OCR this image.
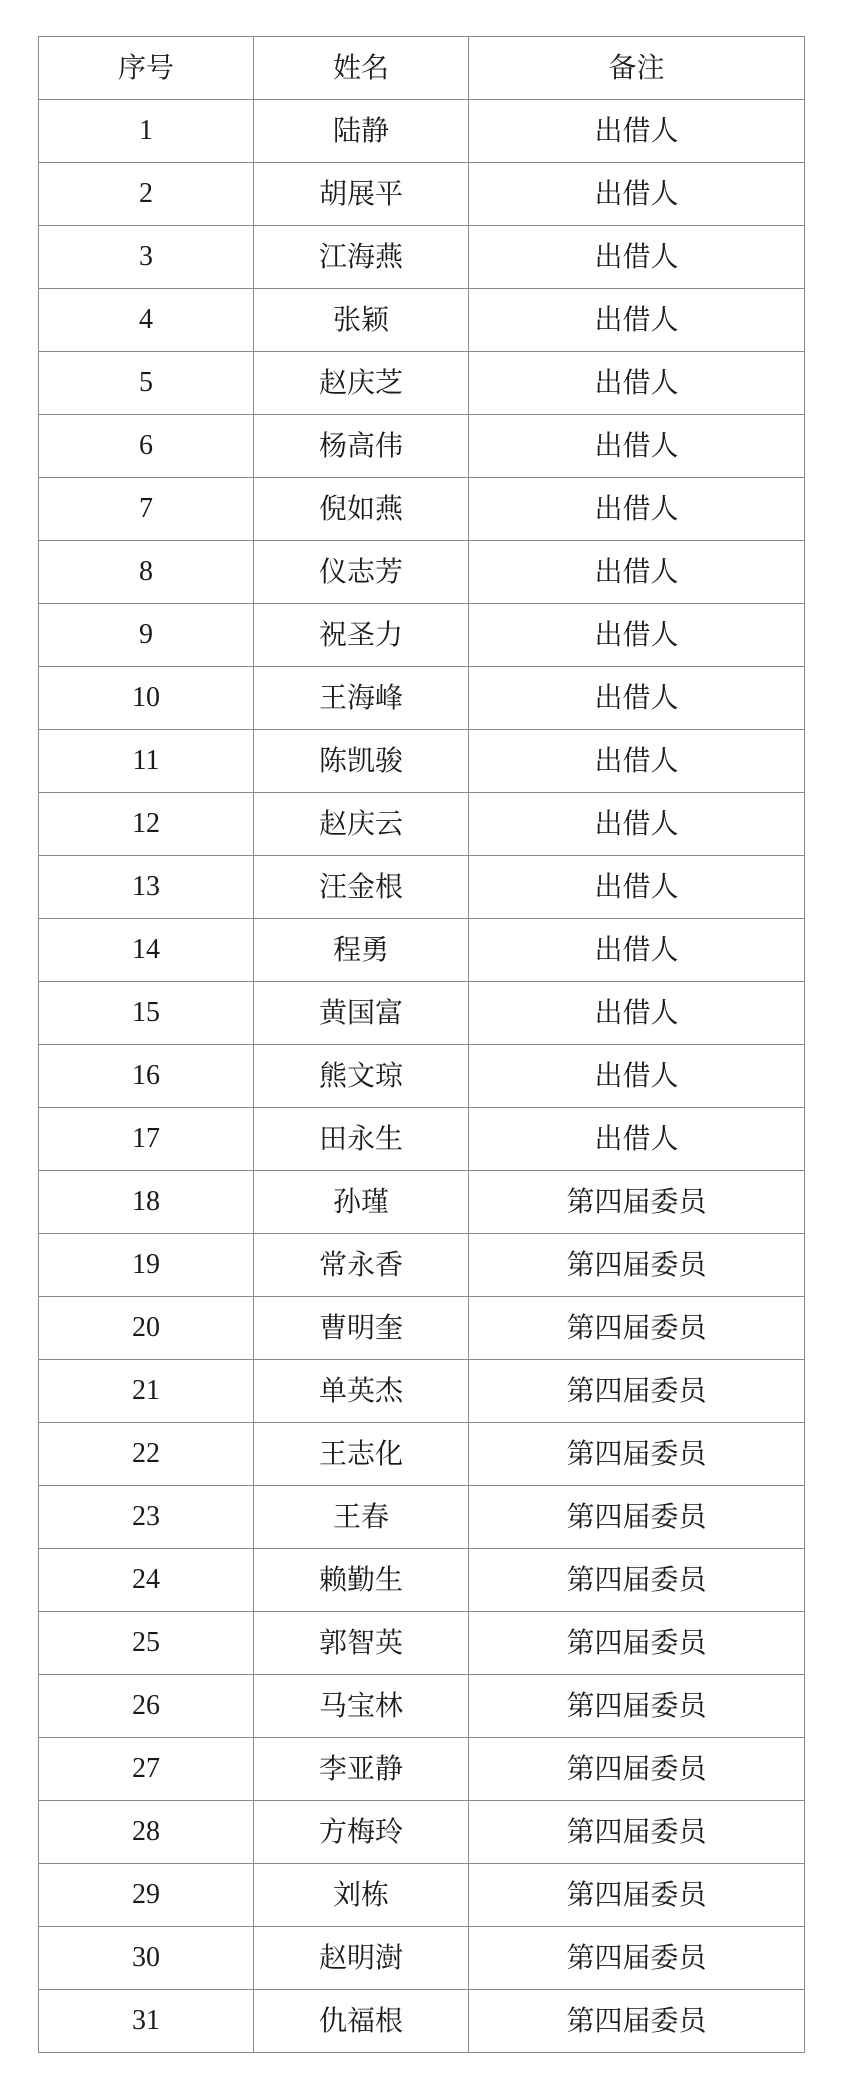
序号	姓名	备注
1	陆静	出借人
2	胡展平	出借人
3	江海燕	出借人
4	张颖	出借人
5	赵庆芝	出借人
6	杨高伟	出借人
7	倪如燕	出借人
8	仪志芳	出借人
9	祝圣力	出借人
10	王海峰	出借人
11	陈凯骏	出借人
12	赵庆云	出借人
13	汪金根	出借人
14	程勇	出借人
15	黄国富	出借人
16	熊文琼	出借人
17	田永生	出借人
18	孙瑾	第四届委员
19	常永香	第四届委员
20	曹明奎	第四届委员
21	单英杰	第四届委员
22	王志化	第四届委员
23	王春	第四届委员
24	赖勤生	第四届委员
25	郭智英	第四届委员
26	马宝林	第四届委员
27	李亚静	第四届委员
28	方梅玲	第四届委员
29	刘栋	第四届委员
30	赵明澍	第四届委员
31	仇福根	第四届委员
